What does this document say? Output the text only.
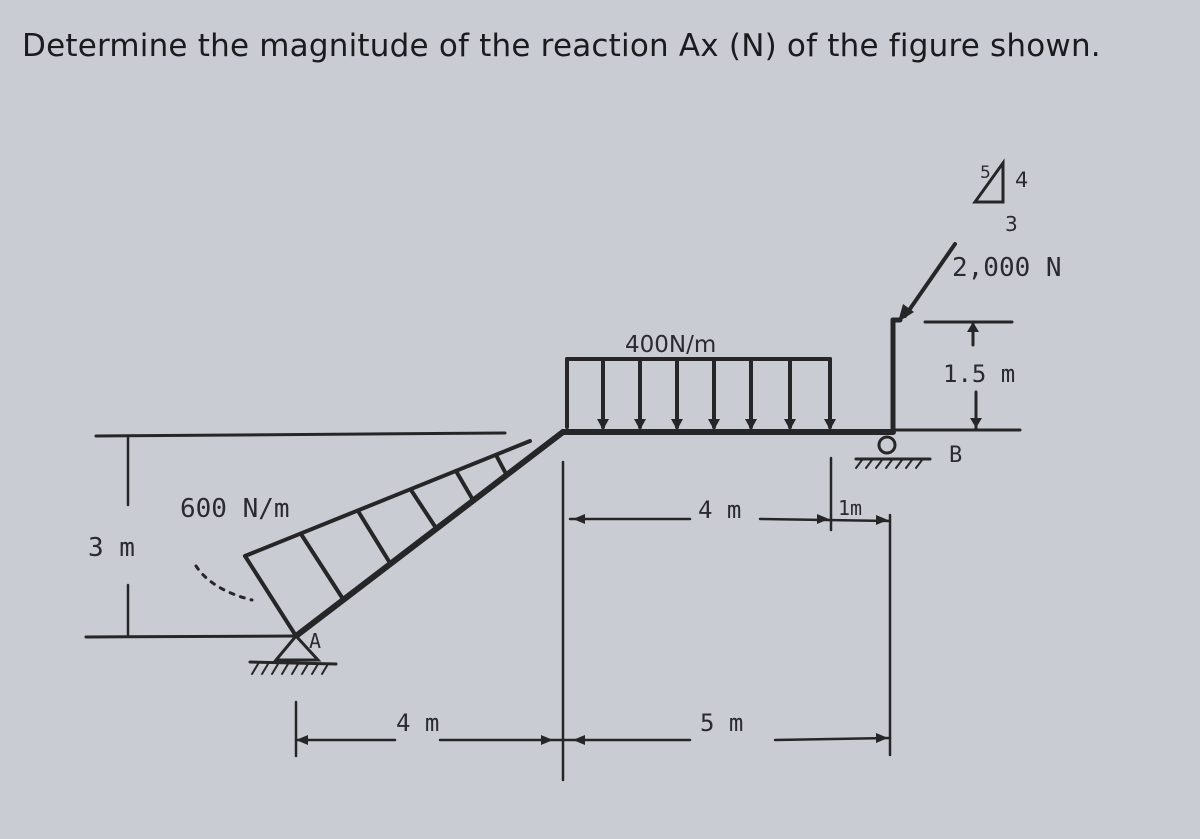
Determine the magnitude of the reaction Ax (N) of the figure shown.
400N/m
600 N/m
2,000 N
5 4
3
1.5 m
B
A
3 m
4 m	1m
4 m	5 m
